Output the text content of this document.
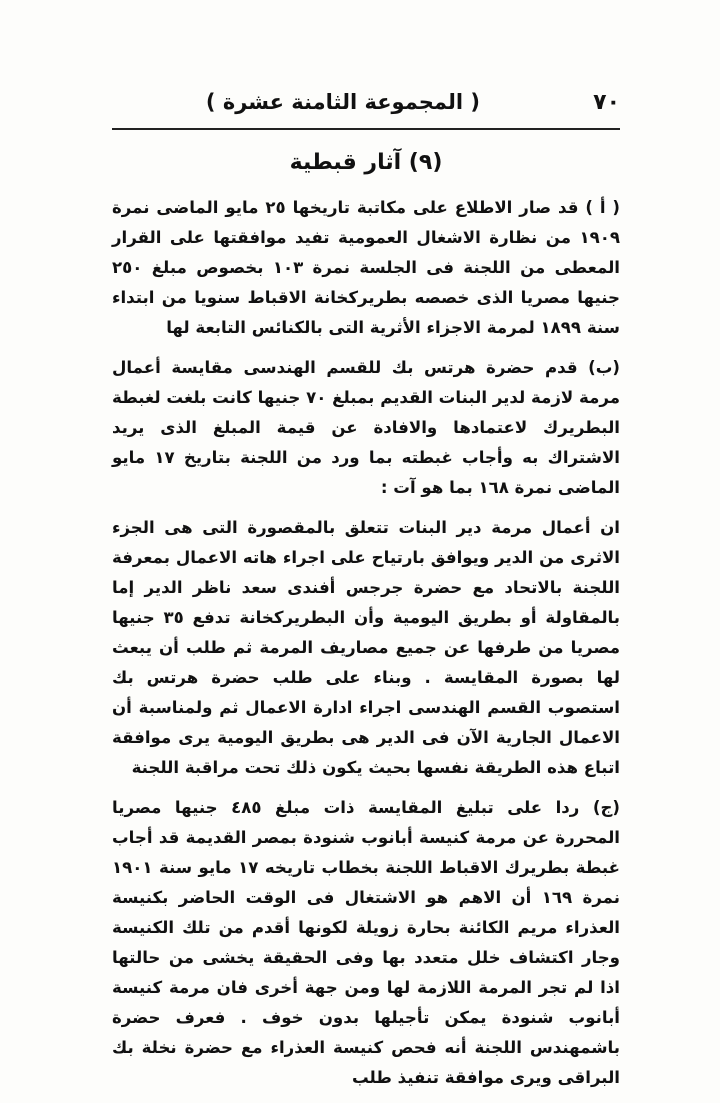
٧٠
( المجموعة الثامنة عشرة )
(٩) آثار قبطية

( أ ) قد صار الاطلاع على مكاتبة تاريخها ٢٥ مايو الماضى نمرة ١٩٠٩ من نظارة الاشغال العمومية تفيد موافقتها على القرار المعطى من اللجنة فى الجلسة نمرة ١٠٣ بخصوص مبلغ ٢٥٠ جنيها مصريا الذى خصصه بطريركخانة الاقباط سنويا من ابتداء سنة ١٨٩٩ لمرمة الاجزاء الأثرية التى بالكنائس التابعة لها

(ب) قدم حضرة هرتس بك للقسم الهندسى مقايسة أعمال مرمة لازمة لدير البنات القديم بمبلغ ٧٠ جنيها كانت بلغت لغبطة البطريرك لاعتمادها والافادة عن قيمة المبلغ الذى يريد الاشتراك به وأجاب غبطته بما ورد من اللجنة بتاريخ ١٧ مايو الماضى نمرة ١٦٨ بما هو آت :

ان أعمال مرمة دير البنات تتعلق بالمقصورة التى هى الجزء الاثرى من الدير ويوافق بارتياح على اجراء هاته الاعمال بمعرفة اللجنة بالاتحاد مع حضرة جرجس أفندى سعد ناظر الدير إما بالمقاولة أو بطريق اليومية وأن البطريركخانة تدفع ٣٥ جنيها مصريا من طرفها عن جميع مصاريف المرمة ثم طلب أن يبعث لها بصورة المقايسة . وبناء على طلب حضرة هرتس بك استصوب القسم الهندسى اجراء ادارة الاعمال ثم ولمناسبة أن الاعمال الجارية الآن فى الدير هى بطريق اليومية يرى موافقة اتباع هذه الطريقة نفسها بحيث يكون ذلك تحت مراقبة اللجنة

(ج) ردا على تبليغ المقايسة ذات مبلغ ٤٨٥ جنيها مصريا المحررة عن مرمة كنيسة أبانوب شنودة بمصر القديمة قد أجاب غبطة بطريرك الاقباط اللجنة بخطاب تاريخه ١٧ مايو سنة ١٩٠١ نمرة ١٦٩ أن الاهم هو الاشتغال فى الوقت الحاضر بكنيسة العذراء مريم الكائنة بحارة زويلة لكونها أقدم من تلك الكنيسة وجار اكتشاف خلل متعدد بها وفى الحقيقة يخشى من حالتها اذا لم تجر المرمة اللازمة لها ومن جهة أخرى فان مرمة كنيسة أبانوب شنودة يمكن تأجيلها بدون خوف . فعرف حضرة باشمهندس اللجنة أنه فحص كنيسة العذراء مع حضرة نخلة بك البراقى ويرى موافقة تنفيذ طلب
